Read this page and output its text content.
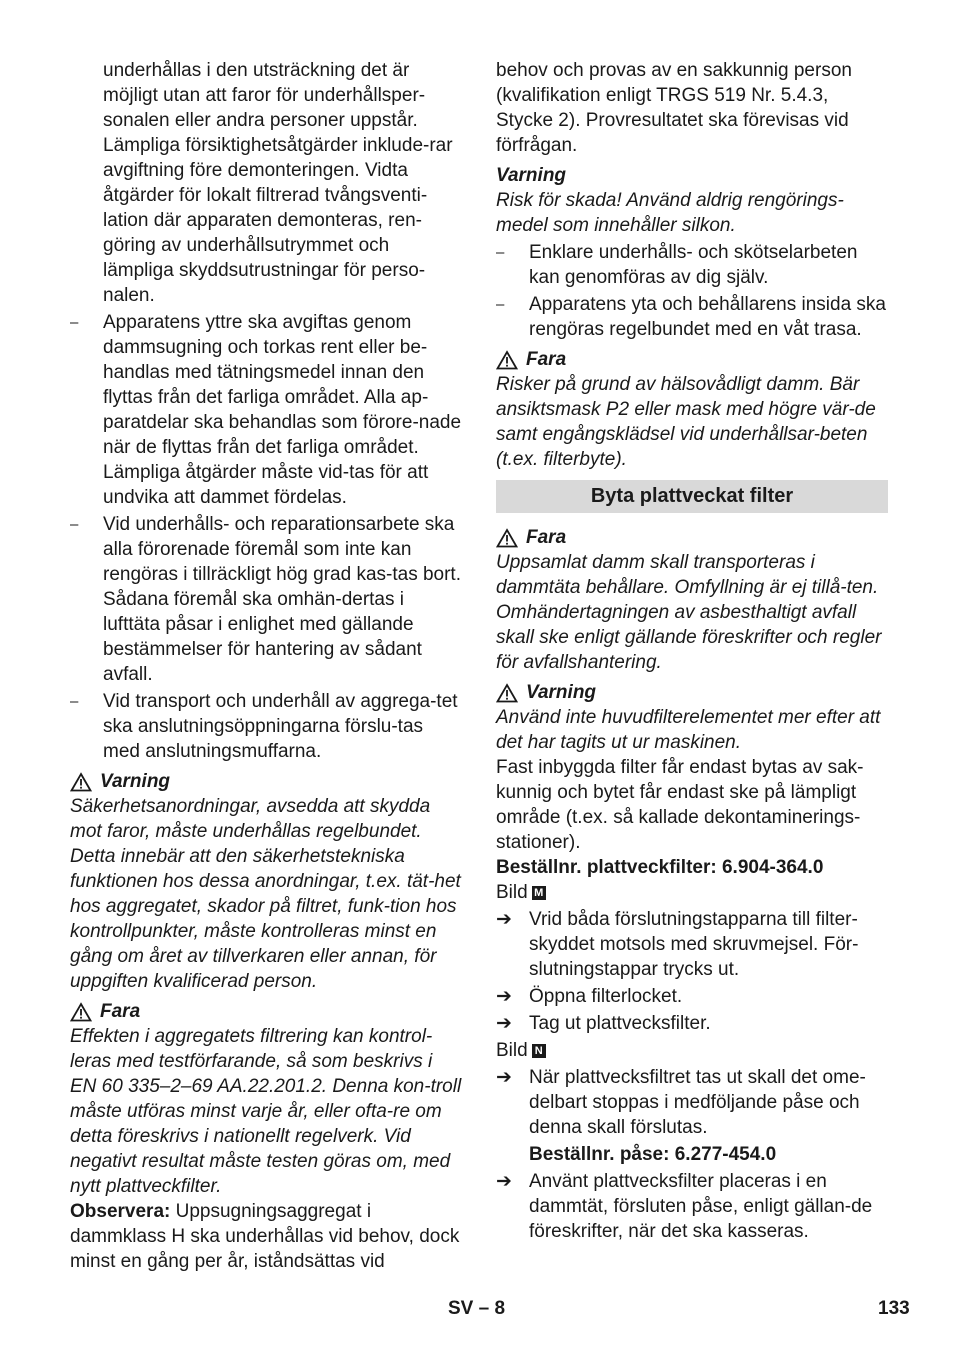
underhållas i den utsträckning det är möjligt utan att faror för underhållsper-sonalen eller andra personer uppstår. Lämpliga försiktighetsåtgärder inklude-rar avgiftning före demonteringen. Vidta åtgärder för lokalt filtrerad tvångsventi-lation där apparaten demonteras, ren-göring av underhållsutrymmet och lämpliga skyddsutrustningar för perso-nalen.

–	Apparatens yttre ska avgiftas genom dammsugning och torkas rent eller be-handlas med tätningsmedel innan den flyttas från det farliga området. Alla ap-paratdelar ska behandlas som förore-nade när de flyttas från det farliga området. Lämpliga åtgärder måste vid-tas för att undvika att dammet fördelas.
–	Vid underhålls- och reparationsarbete ska alla förorenade föremål som inte kan rengöras i tillräckligt hög grad kas-tas bort. Sådana föremål ska omhän-dertas i lufttäta påsar i enlighet med gällande bestämmelser för hantering av sådant avfall.
–	Vid transport och underhåll av aggrega-tet ska anslutningsöppningarna förslu-tas med anslutningsmuffarna.
Varning

Säkerhetsanordningar, avsedda att skydda mot faror, måste underhållas regelbundet. Detta innebär att den säkerhetstekniska funktionen hos dessa anordningar, t.ex. tät-het hos aggregatet, skador på filtret, funk-tion hos kontrollpunkter, måste kontrolleras minst en gång om året av tillverkaren eller annan, för uppgiften kvalificerad person.

Fara

Effekten i aggregatets filtrering kan kontrol-leras med testförfarande, så som beskrivs i EN 60 335–2–69 AA.22.201.2. Denna kon-troll måste utföras minst varje år, eller ofta-re om detta föreskrivs i nationellt regelverk. Vid negativt resultat måste testen göras om, med nytt plattveckfilter.

Observera: Uppsugningsaggregat i dammklass H ska underhållas vid behov, dock minst en gång per år, iståndsättas vid

behov och provas av en sakkunnig person (kvalifikation enligt TRGS 519 Nr. 5.4.3, Stycke 2). Provresultatet ska förevisas vid förfrågan.

Varning

Risk för skada! Använd aldrig rengörings-medel som innehåller silkon.

–	Enklare underhålls- och skötselarbeten kan genomföras av dig själv.
–	Apparatens yta och behållarens insida ska rengöras regelbundet med en våt trasa.
Fara

Risker på grund av hälsovådligt damm. Bär ansiktsmask P2 eller mask med högre vär-de samt engångsklädsel vid underhållsar-beten (t.ex. filterbyte).

Byta plattveckat filter
Fara

Uppsamlat damm skall transporteras i dammtäta behållare. Omfyllning är ej tillå-ten. Omhändertagningen av asbesthaltigt avfall skall ske enligt gällande föreskrifter och regler för avfallshantering.

Varning

Använd inte huvudfilterelementet mer efter att det har tagits ut ur maskinen.

Fast inbyggda filter får endast bytas av sak-kunnig och bytet får endast ske på lämpligt område (t.ex. så kallade dekontaminerings-stationer).

Beställnr. plattveckfilter: 6.904-364.0

Bild M

➔ Vrid båda förslutningstapparna till filter-skyddet motsols med skruvmejsel. För-slutningstappar trycks ut.
➔ Öppna filterlocket.
➔ Tag ut plattvecksfilter.

Bild N

➔ När plattvecksfiltret tas ut skall det ome-delbart stoppas i medföljande påse och denna skall förslutas.

Beställnr. påse: 6.277-454.0

➔ Använt plattvecksfilter placeras i en dammtät, försluten påse, enligt gällan-de föreskrifter, när det ska kasseras.
SV – 8	133
